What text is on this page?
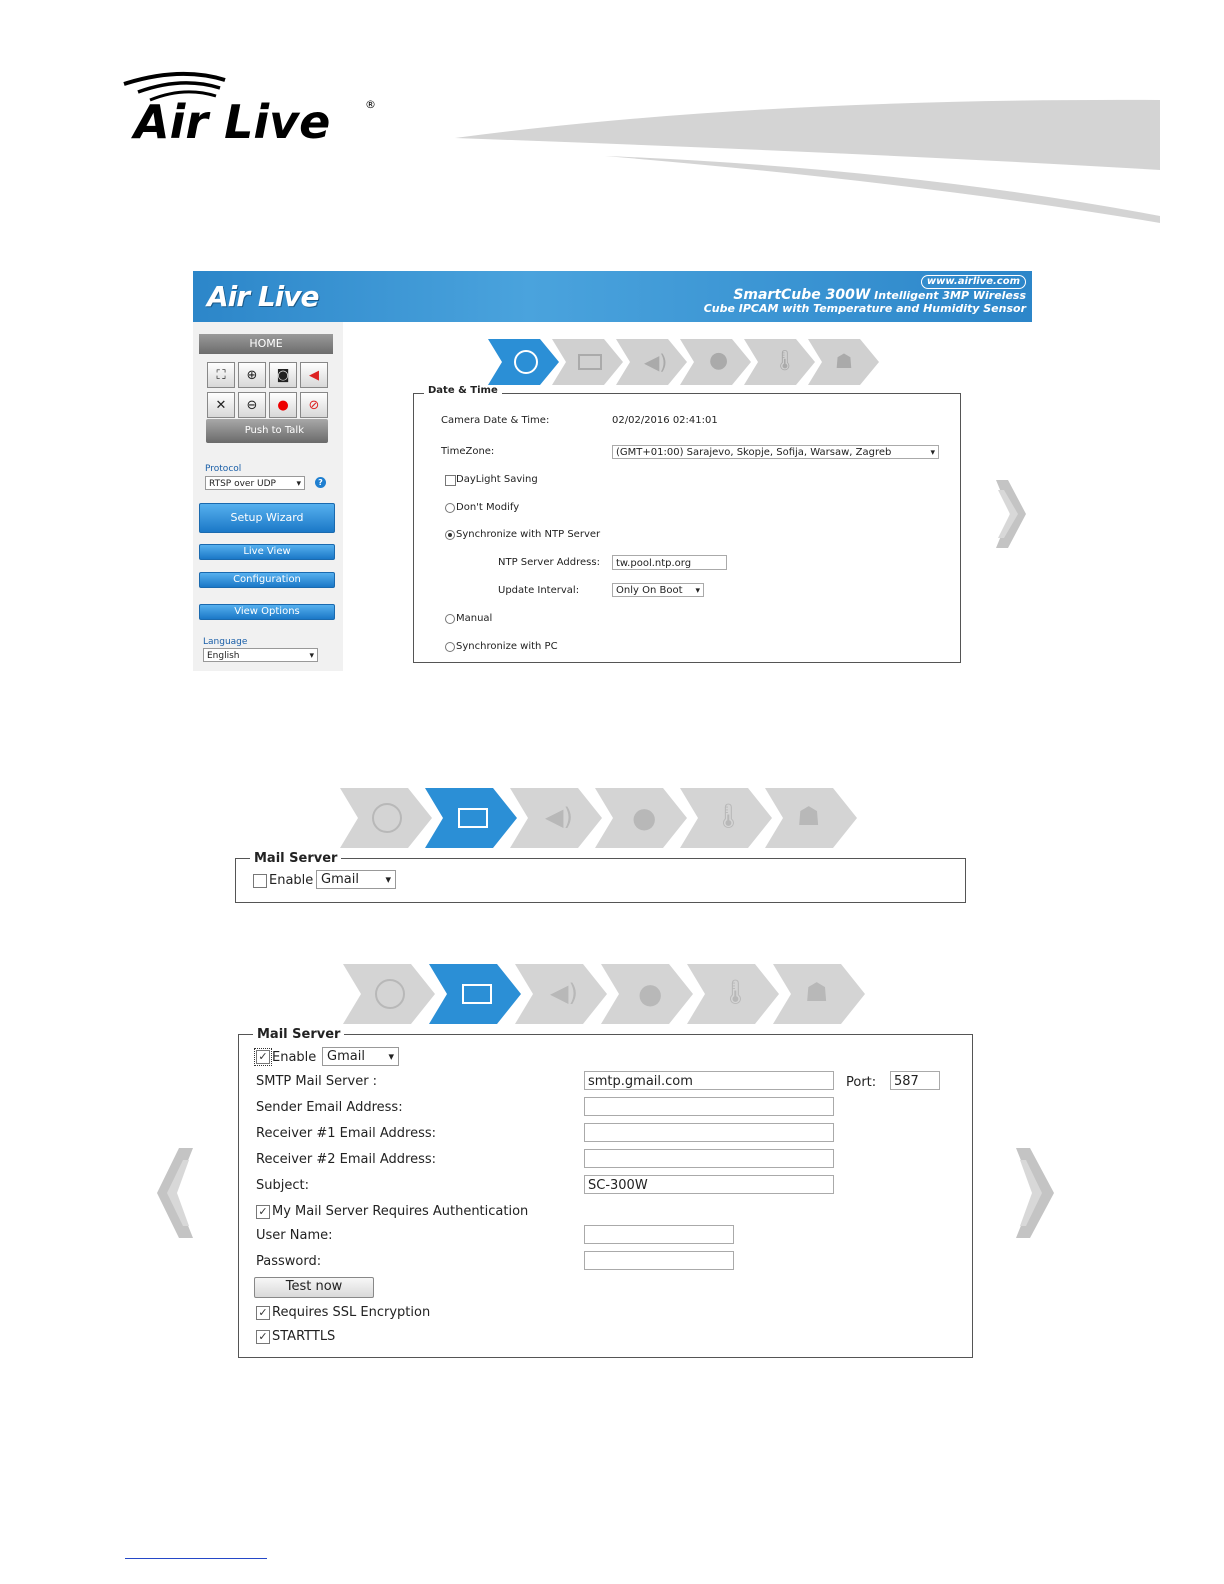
Air Live	®
Air Live	www.airlive.com
SmartCube 300W Intelligent 3MP Wireless
Cube IPCAM with Temperature and Humidity Sensor
HOME
⛶	⊕	◙	◀
✕	⊖	●	⊘
Push to Talk
Protocol
RTSP over UDP ▾	?
Setup Wizard
Live View
Configuration
View Options
Language
English ▾
◀) ● 🌡 ☗
Date & Time
Camera Date & Time:	02/02/2016 02:41:01
TimeZone:	(GMT+01:00) Sarajevo, Skopje, Sofija, Warsaw, Zagreb ▾
DayLight Saving
Don't Modify
Synchronize with NTP Server
NTP Server Address:	tw.pool.ntp.org
Update Interval:	Only On Boot ▾
Manual
Synchronize with PC
◀) ● 🌡 ☗
Mail Server
Enable Gmail ▾
◀) ● 🌡 ☗
Mail Server
✓ Enable Gmail ▾
SMTP Mail Server :	smtp.gmail.com	Port:	587
Sender Email Address:
Receiver #1 Email Address:
Receiver #2 Email Address:
Subject:	SC-300W
✓ My Mail Server Requires Authentication
User Name:
Password:
Test now
✓ Requires SSL Encryption
✓ STARTTLS
